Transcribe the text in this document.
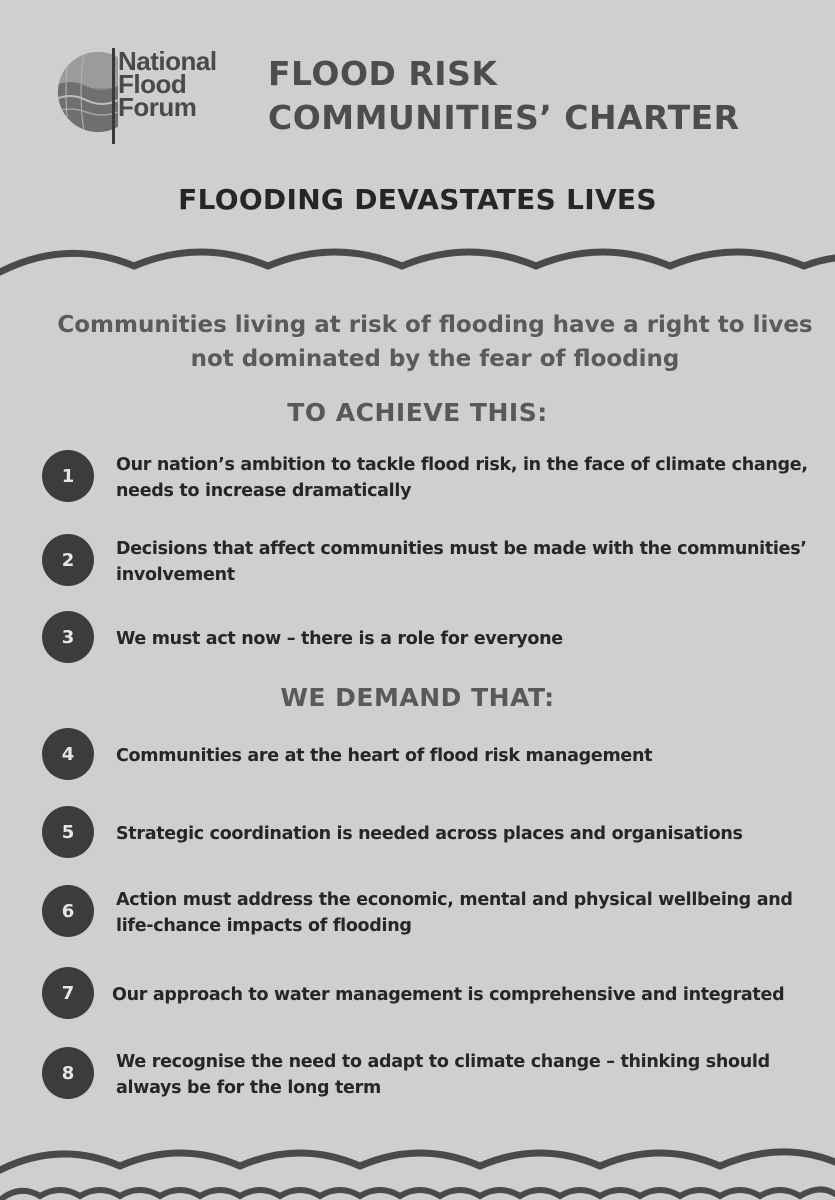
National
Flood
Forum
FLOOD RISK
COMMUNITIES’ CHARTER
FLOODING DEVASTATES LIVES
Communities living at risk of flooding have a right to lives not dominated by the fear of flooding
TO ACHIEVE THIS:
1
Our nation’s ambition to tackle flood risk, in the face of climate change, needs to increase dramatically
2
Decisions that affect communities must be made with the communities’ involvement
3	We must act now – there is a role for everyone
WE DEMAND THAT:
4	Communities are at the heart of flood risk management
5	Strategic coordination is needed across places and organisations
6
Action must address the economic, mental and physical wellbeing and life-chance impacts of flooding
7	Our approach to water management is comprehensive and integrated
8
We recognise the need to adapt to climate change – thinking should always be for the long term
